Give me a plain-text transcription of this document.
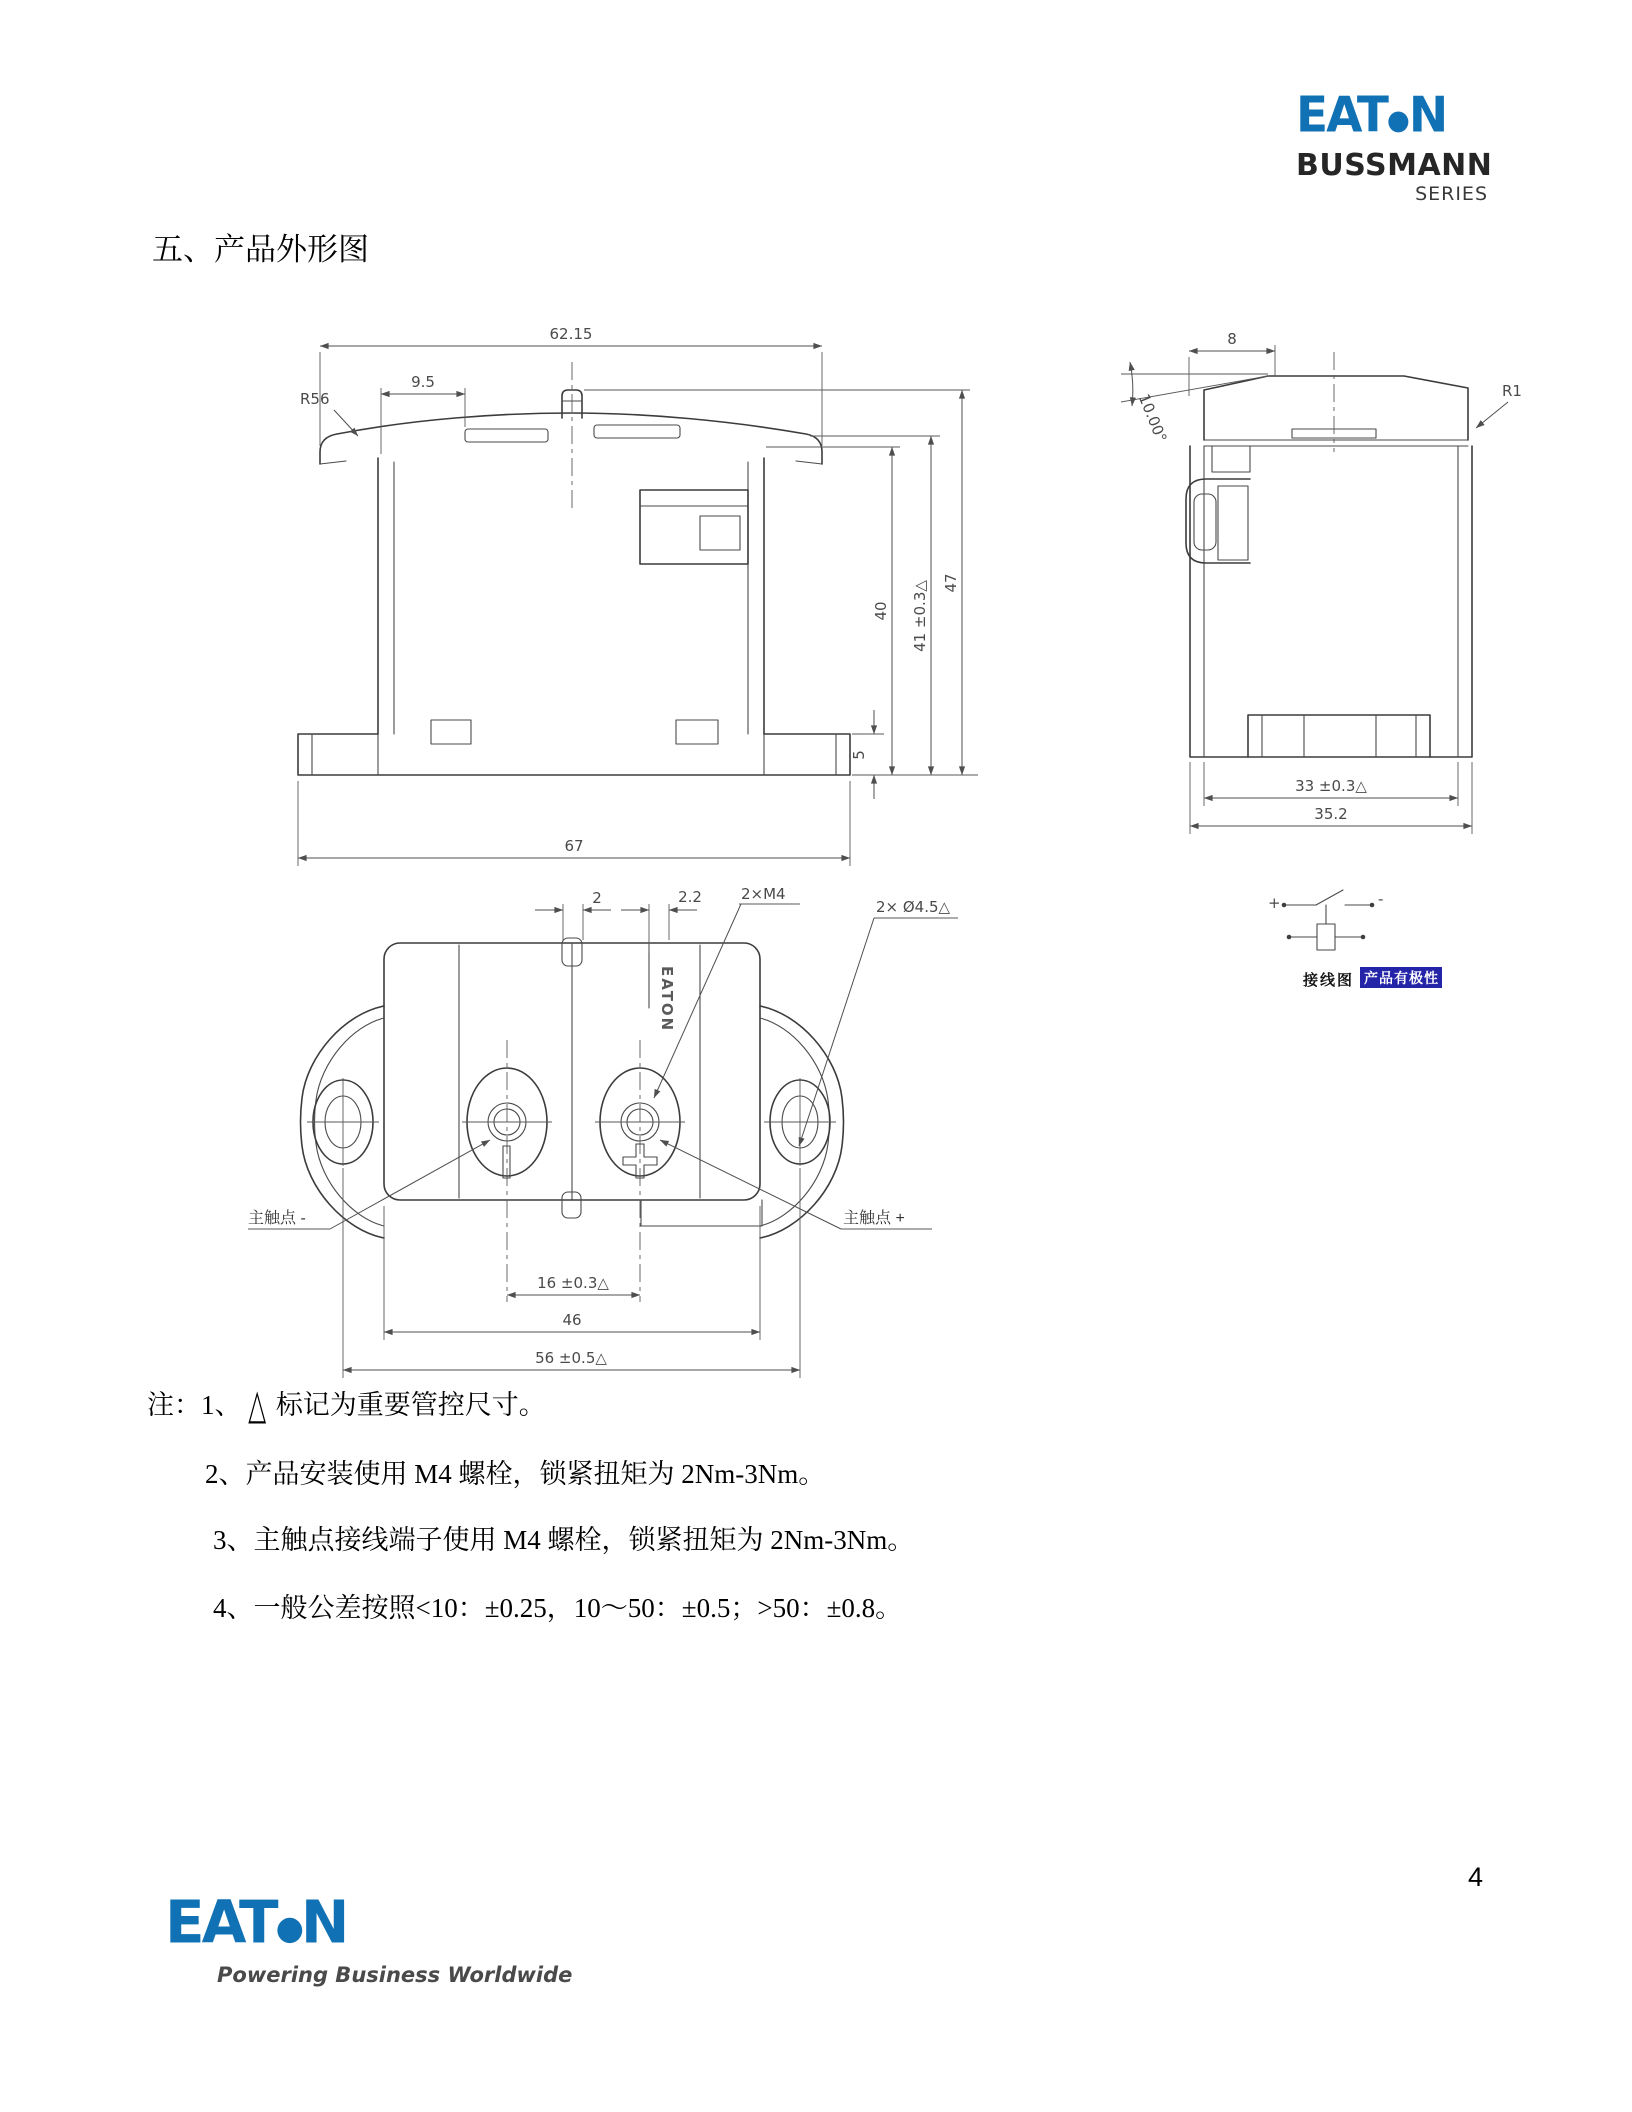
EAT●N
BUSSMANN
SERIES
五、产品外形图
62.15
9.5
R56
40 41 ±0.3△ 47
5
67
8
10.00°
R1
33 ±0.3△
35.2
EATON
2	2.2	2×M4
2× Ø4.5△
主触点 -	主触点 +
16 ±0.3△
46
56 ±0.5△
+	-
接线图 产品有极性
注：1、 △ 标记为重要管控尺寸。
2、产品安装使用 M4 螺栓，锁紧扭矩为 2Nm-3Nm。
3、主触点接线端子使用 M4 螺栓，锁紧扭矩为 2Nm-3Nm。
4、一般公差按照<10：±0.25，10～50：±0.5；>50：±0.8。
EAT●N
Powering Business Worldwide
4
